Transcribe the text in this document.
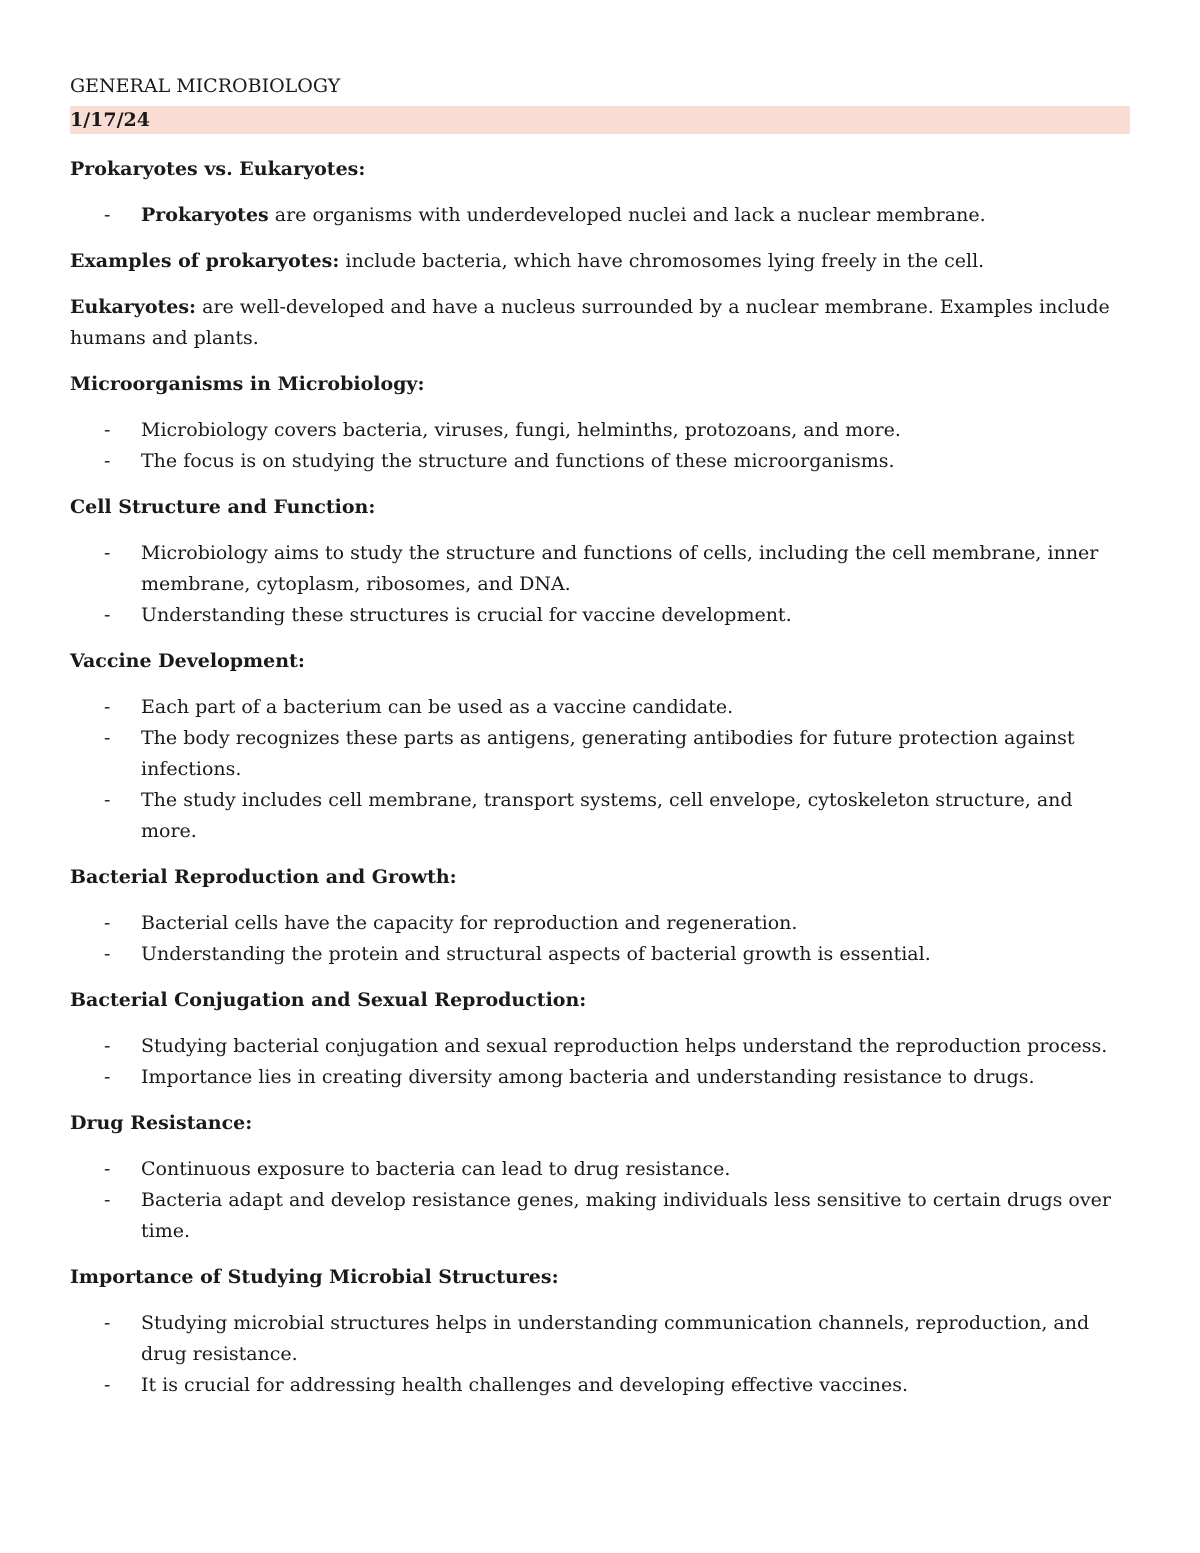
GENERAL MICROBIOLOGY
1/17/24
Prokaryotes vs. Eukaryotes:
- Prokaryotes are organisms with underdeveloped nuclei and lack a nuclear membrane.
Examples of prokaryotes: include bacteria, which have chromosomes lying freely in the cell.
Eukaryotes: are well-developed and have a nucleus surrounded by a nuclear membrane. Examples include humans and plants.
Microorganisms in Microbiology:
- Microbiology covers bacteria, viruses, fungi, helminths, protozoans, and more.
- The focus is on studying the structure and functions of these microorganisms.
Cell Structure and Function:
- Microbiology aims to study the structure and functions of cells, including the cell membrane, inner membrane, cytoplasm, ribosomes, and DNA.
- Understanding these structures is crucial for vaccine development.
Vaccine Development:
- Each part of a bacterium can be used as a vaccine candidate.
- The body recognizes these parts as antigens, generating antibodies for future protection against infections.
- The study includes cell membrane, transport systems, cell envelope, cytoskeleton structure, and more.
Bacterial Reproduction and Growth:
- Bacterial cells have the capacity for reproduction and regeneration.
- Understanding the protein and structural aspects of bacterial growth is essential.
Bacterial Conjugation and Sexual Reproduction:
- Studying bacterial conjugation and sexual reproduction helps understand the reproduction process.
- Importance lies in creating diversity among bacteria and understanding resistance to drugs.
Drug Resistance:
- Continuous exposure to bacteria can lead to drug resistance.
- Bacteria adapt and develop resistance genes, making individuals less sensitive to certain drugs over time.
Importance of Studying Microbial Structures:
- Studying microbial structures helps in understanding communication channels, reproduction, and drug resistance.
- It is crucial for addressing health challenges and developing effective vaccines.
